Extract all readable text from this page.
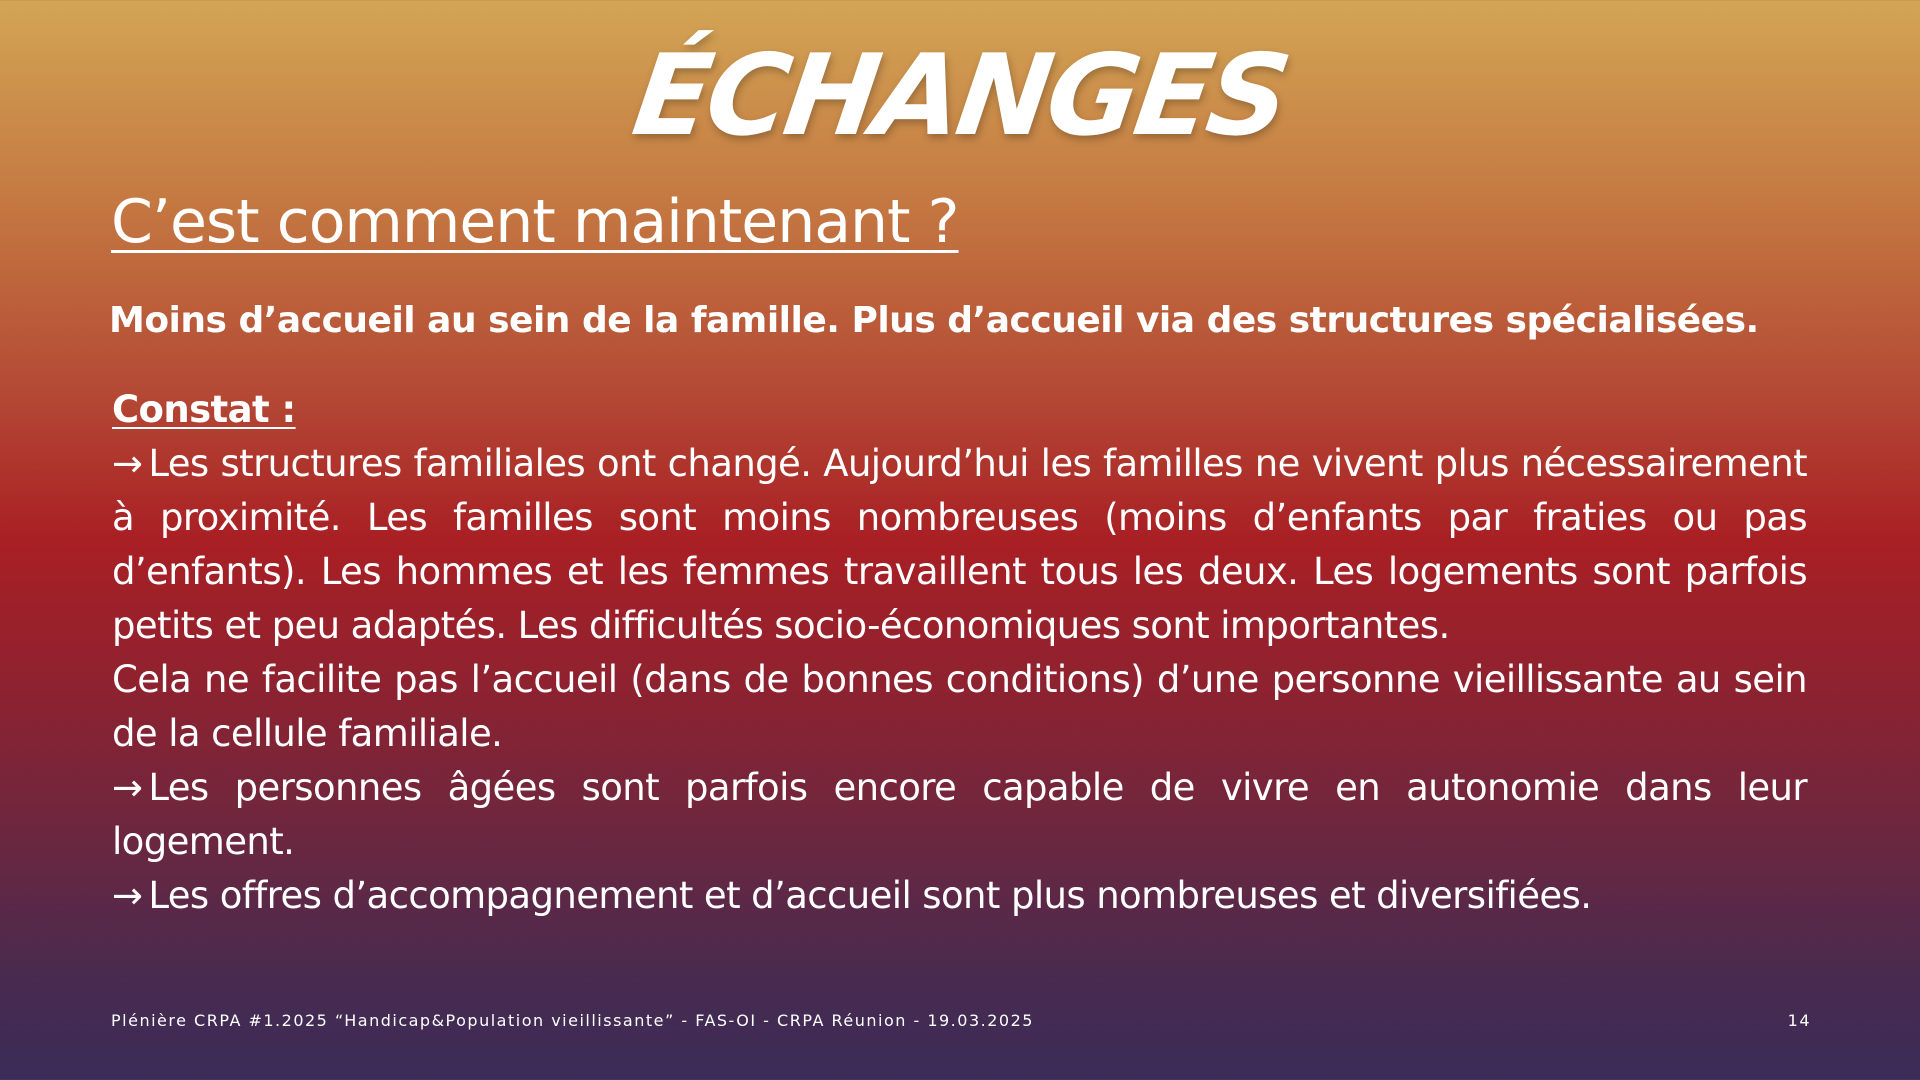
ÉCHANGES
C’est comment maintenant ?
Moins d’accueil au sein de la famille. Plus d’accueil via des structures spécialisées.
Constat :

→ Les structures familiales ont changé. Aujourd’hui les familles ne vivent plus nécessairement à proximité. Les familles sont moins nombreuses (moins d’enfants par fraties ou pas d’enfants). Les hommes et les femmes travaillent tous les deux. Les logements sont parfois petits et peu adaptés. Les difficultés socio-économiques sont importantes.

Cela ne facilite pas l’accueil (dans de bonnes conditions) d’une personne vieillissante au sein de la cellule familiale.

→ Les personnes âgées sont parfois encore capable de vivre en autonomie dans leur logement.

→ Les offres d’accompagnement et d’accueil sont plus nombreuses et diversifiées.

Plénière CRPA #1.2025 “Handicap&Population vieillissante” - FAS-OI - CRPA Réunion - 19.03.2025	14
